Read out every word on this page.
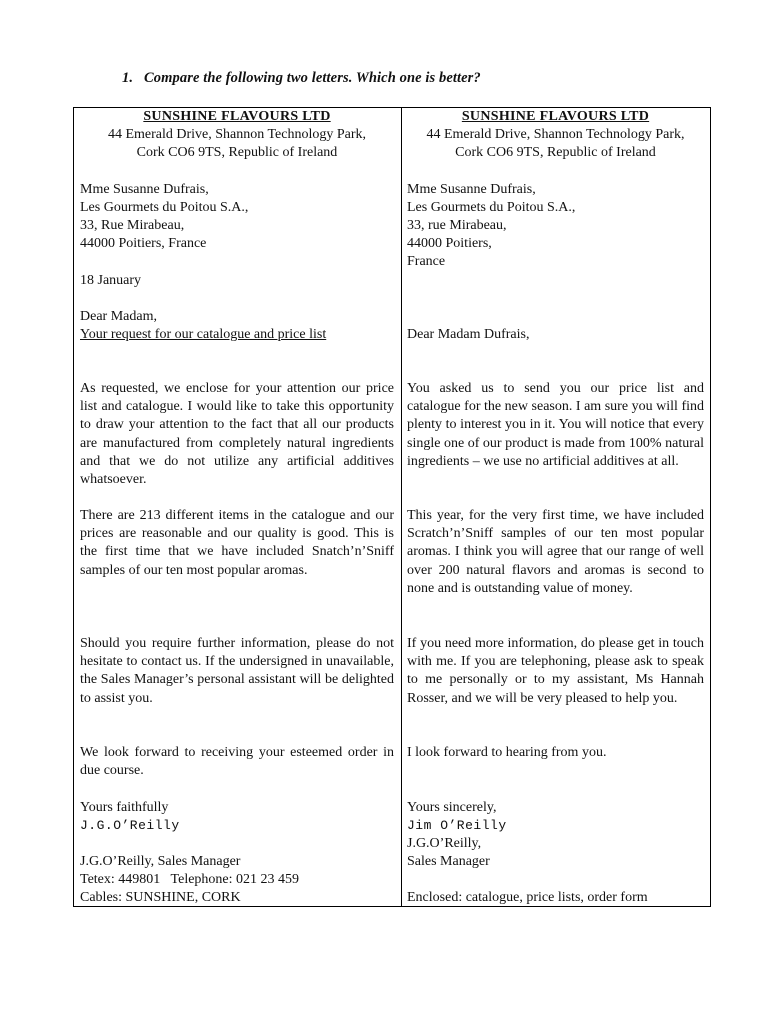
1. Compare the following two letters. Which one is better?
SUNSHINE FLAVOURS LTD
44 Emerald Drive, Shannon Technology Park,
Cork CO6 9TS, Republic of Ireland
Mme Susanne Dufrais,
Les Gourmets du Poitou S.A.,
33, Rue Mirabeau,
44000 Poitiers, France
18 January
Dear Madam,
Your request for our catalogue and price list
As requested, we enclose for your attention our price list and catalogue. I would like to take this opportunity to draw your attention to the fact that all our products are manufactured from completely natural ingredients and that we do not utilize any artificial additives whatsoever.
There are 213 different items in the catalogue and our prices are reasonable and our quality is good. This is the first time that we have included Snatch’n’Sniff samples of our ten most popular aromas.
Should you require further information, please do not hesitate to contact us. If the undersigned in unavailable, the Sales Manager’s personal assistant will be delighted to assist you.
We look forward to receiving your esteemed order in due course.
Yours faithfully
J.G.O’Reilly
J.G.O’Reilly, Sales Manager
Tetex: 449801   Telephone: 021 23 459
Cables: SUNSHINE, CORK
SUNSHINE FLAVOURS LTD
44 Emerald Drive, Shannon Technology Park,
Cork CO6 9TS, Republic of Ireland
Mme Susanne Dufrais,
Les Gourmets du Poitou S.A.,
33, rue Mirabeau,
44000 Poitiers,
France
Dear Madam Dufrais,
You asked us to send you our price list and catalogue for the new season. I am sure you will find plenty to interest you in it. You will notice that every single one of our product is made from 100% natural ingredients – we use no artificial additives at all.
This year, for the very first time, we have included Scratch’n’Sniff samples of our ten most popular aromas. I think you will agree that our range of well over 200 natural flavors and aromas is second to none and is outstanding value of money.
If you need more information, do please get in touch with me. If you are telephoning, please ask to speak to me personally or to my assistant, Ms Hannah Rosser, and we will be very pleased to help you.
I look forward to hearing from you.
Yours sincerely,
Jim O’Reilly
J.G.O’Reilly,
Sales Manager
Enclosed: catalogue, price lists, order form
